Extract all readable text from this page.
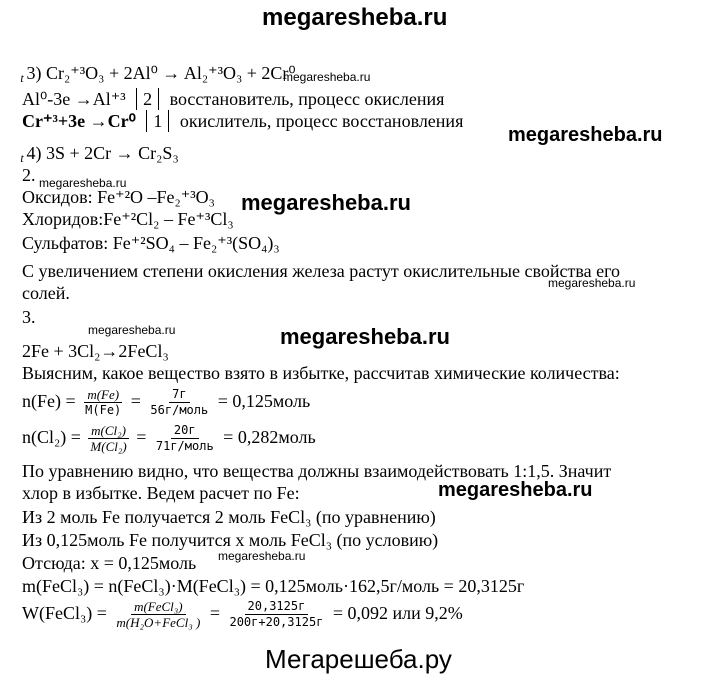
megaresheba.ru
Мегарешеба.ру
megaresheba.ru
megaresheba.ru
megaresheba.ru
megaresheba.ru
megaresheba.ru
megaresheba.ru	megaresheba.ru
megaresheba.ru
megaresheba.ru
t 3) Cr₂⁺³O₃ + 2Al⁰ → Al₂⁺³O₃ + 2Cr⁰
Al⁰-3e →Al⁺³ 2 восстановитель, процесс окисления
Cr⁺³+3e →Cr⁰ 1 окислитель, процесс восстановления
t 4) 3S + 2Cr → Cr₂S₃
2.
Оксидов: Fe⁺²O –Fe₂⁺³O₃
Хлоридов:Fe⁺²Cl₂ – Fe⁺³Cl₃
Сульфатов: Fe⁺²SO₄ – Fe₂⁺³(SO₄)₃
С увеличением степени окисления железа растут окислительные свойства его
солей.
3.
2Fe + 3Cl₂→2FeCl₃
Выясним, какое вещество взято в избытке, рассчитав химические количества:
$n(Fe) = \frac{m(Fe)}{M(Fe)} = \frac{7г}{\text{56г/моль}}$ = 0,125моль
$n(Cl_2) = \frac{\text{m(Cl₂)}}{\text{M(Cl₂)}} = \frac{20г}{\text{71г/моль}}$ = 0,282моль
По уравнению видно, что вещества должны взаимодействовать 1:1,5. Значит
хлор в избытке. Ведем расчет по Fe:
Из 2 моль Fe получается 2 моль FeCl₃ (по уравнению)
Из 0,125моль Fe получится х моль FeCl₃ (по условию)
Отсюда: х = 0,125моль
m(FeCl₃) = n(FeCl₃)·M(FeCl₃) = 0,125моль·162,5г/моль = 20,3125г
W(FeCl₃) = $\frac{\text{m(FeCl₃)}}{\text{m(H₂O+FeCl₃ )}} = \frac{20,3125г}{200г+20,3125г} = 0,092$ или 9,2%
